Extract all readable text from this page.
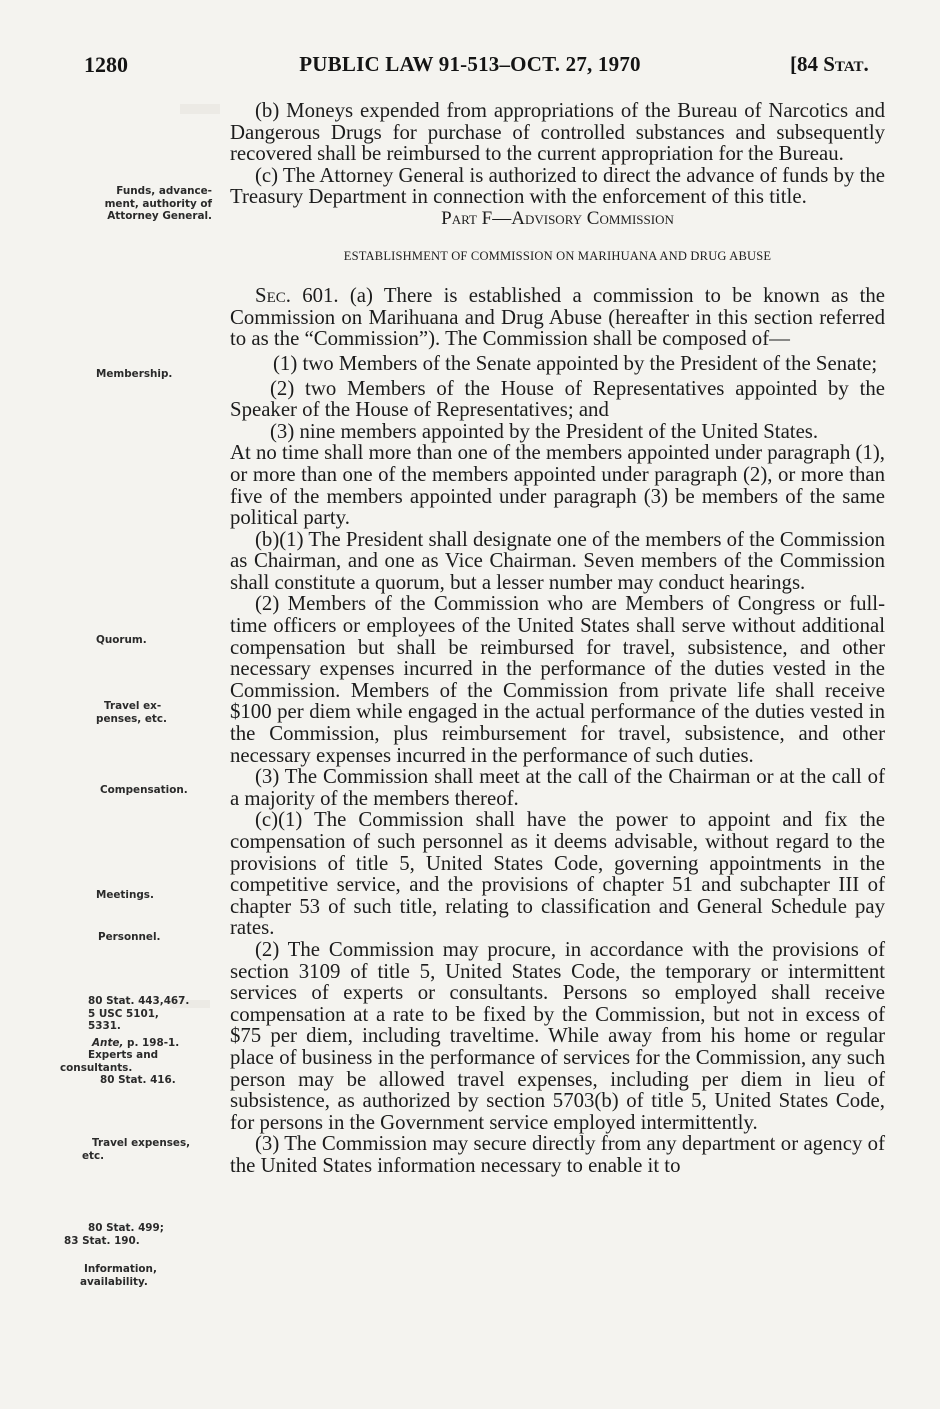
1280	PUBLIC LAW 91-513–OCT. 27, 1970	[84 Stat.
Funds, advance-
ment, authority of
Attorney General.
Membership.
Quorum.
Travel ex-
penses, etc.
Compensation.
Meetings.
Personnel.
80 Stat. 443,467.
5 USC 5101,
5331.
Ante, p. 198-1.
Experts and
consultants.
80 Stat. 416.
Travel expenses,
etc.
80 Stat. 499;
83 Stat. 190.
Information,
availability.

(b) Moneys expended from appropriations of the Bureau of Narcotics and Dangerous Drugs for purchase of controlled substances and subsequently recovered shall be reimbursed to the current appropriation for the Bureau.

(c) The Attorney General is authorized to direct the advance of funds by the Treasury Department in connection with the enforcement of this title.

Part F—Advisory Commission
ESTABLISHMENT OF COMMISSION ON MARIHUANA AND DRUG ABUSE

Sec. 601. (a) There is established a commission to be known as the Commission on Marihuana and Drug Abuse (hereafter in this section referred to as the “Commission”). The Commission shall be composed of—

(1) two Members of the Senate appointed by the President of the Senate;

(2) two Members of the House of Representatives appointed by the Speaker of the House of Representatives; and

(3) nine members appointed by the President of the United States.

At no time shall more than one of the members appointed under paragraph (1), or more than one of the members appointed under paragraph (2), or more than five of the members appointed under paragraph (3) be members of the same political party.

(b)(1) The President shall designate one of the members of the Commission as Chairman, and one as Vice Chairman. Seven members of the Commission shall constitute a quorum, but a lesser number may conduct hearings.

(2) Members of the Commission who are Members of Congress or full-time officers or employees of the United States shall serve without additional compensation but shall be reimbursed for travel, subsistence, and other necessary expenses incurred in the performance of the duties vested in the Commission. Members of the Commission from private life shall receive $100 per diem while engaged in the actual performance of the duties vested in the Commission, plus reimbursement for travel, subsistence, and other necessary expenses incurred in the performance of such duties.

(3) The Commission shall meet at the call of the Chairman or at the call of a majority of the members thereof.

(c)(1) The Commission shall have the power to appoint and fix the compensation of such personnel as it deems advisable, without regard to the provisions of title 5, United States Code, governing appointments in the competitive service, and the provisions of chapter 51 and subchapter III of chapter 53 of such title, relating to classification and General Schedule pay rates.

(2) The Commission may procure, in accordance with the provisions of section 3109 of title 5, United States Code, the temporary or intermittent services of experts or consultants. Persons so employed shall receive compensation at a rate to be fixed by the Commission, but not in excess of $75 per diem, including traveltime. While away from his home or regular place of business in the performance of services for the Commission, any such person may be allowed travel expenses, including per diem in lieu of subsistence, as authorized by section 5703(b) of title 5, United States Code, for persons in the Government service employed intermittently.

(3) The Commission may secure directly from any department or agency of the United States information necessary to enable it to
